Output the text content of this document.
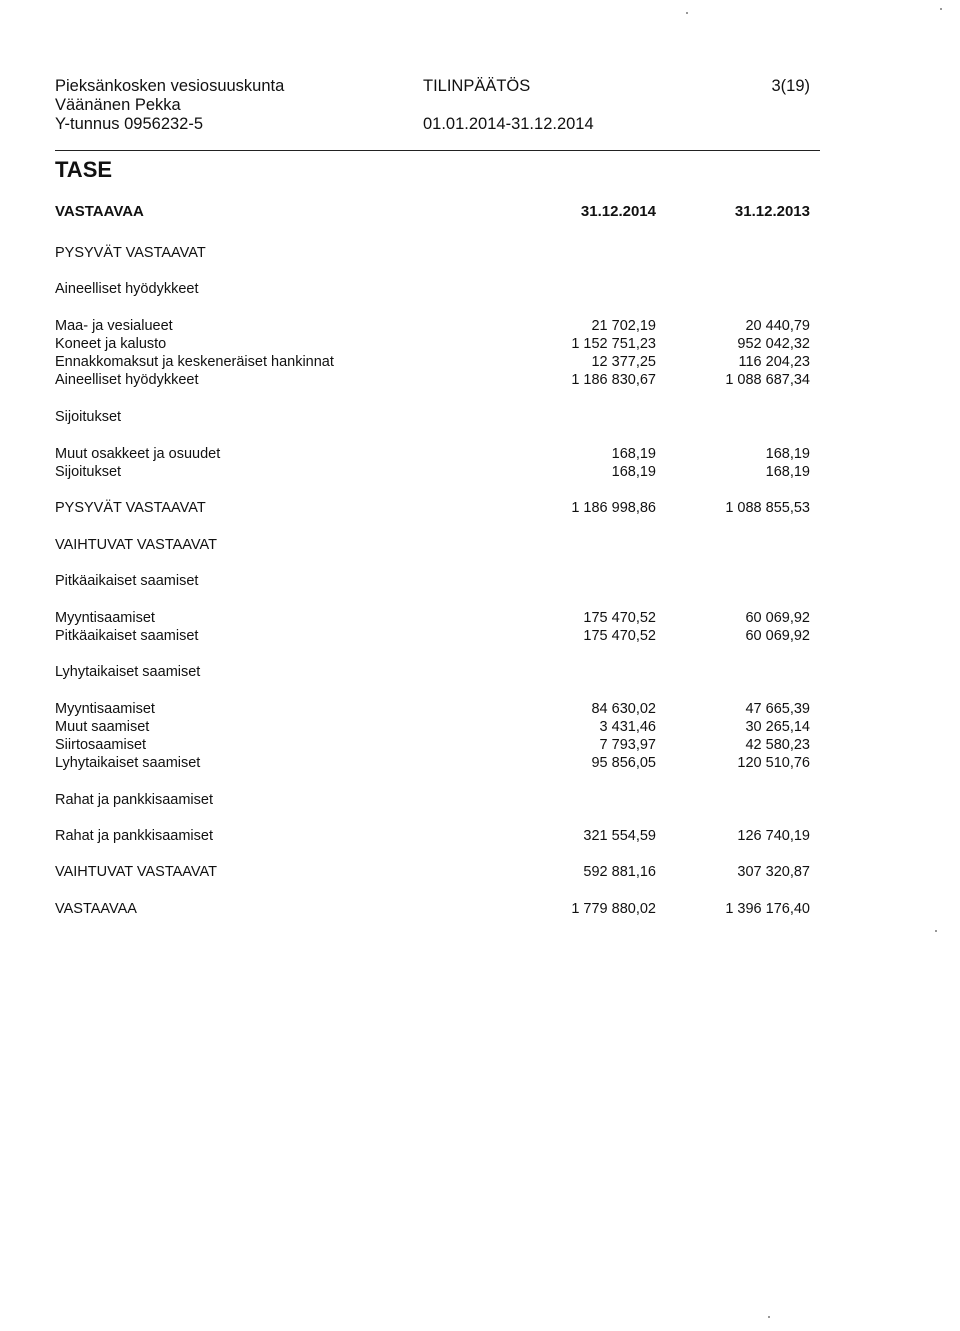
Pieksänkosken vesiosuuskunta
Väänänen Pekka
Y-tunnus 0956232-5
TILINPÄÄTÖS
01.01.2014-31.12.2014
3(19)
TASE
VASTAAVAA	31.12.2014	31.12.2013
PYSYVÄT VASTAAVAT
Aineelliset hyödykkeet
Maa- ja vesialueet	21 702,19	20 440,79
Koneet ja kalusto	1 152 751,23	952 042,32
Ennakkomaksut ja keskeneräiset hankinnat	12 377,25	116 204,23
Aineelliset hyödykkeet	1 186 830,67	1 088 687,34
Sijoitukset
Muut osakkeet ja osuudet	168,19	168,19
Sijoitukset	168,19	168,19
PYSYVÄT VASTAAVAT	1 186 998,86	1 088 855,53
VAIHTUVAT VASTAAVAT
Pitkäaikaiset saamiset
Myyntisaamiset	175 470,52	60 069,92
Pitkäaikaiset saamiset	175 470,52	60 069,92
Lyhytaikaiset saamiset
Myyntisaamiset	84 630,02	47 665,39
Muut saamiset	3 431,46	30 265,14
Siirtosaamiset	7 793,97	42 580,23
Lyhytaikaiset saamiset	95 856,05	120 510,76
Rahat ja pankkisaamiset
Rahat ja pankkisaamiset	321 554,59	126 740,19
VAIHTUVAT VASTAAVAT	592 881,16	307 320,87
VASTAAVAA	1 779 880,02	1 396 176,40
